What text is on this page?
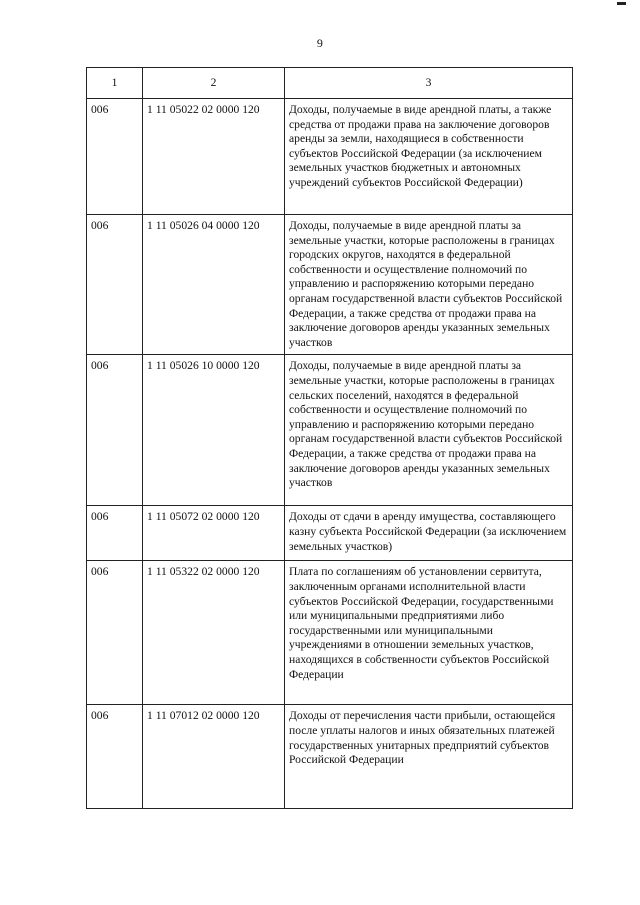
9
1	2	3
006	1 11 05022 02 0000 120	Доходы, получаемые в виде арендной платы, а также средства от продажи права на заключение договоров аренды за земли, находящиеся в собственности субъектов Российской Федерации (за исключением земельных участков бюджетных и автономных учреждений субъектов Российской Федерации)
006	1 11 05026 04 0000 120	Доходы, получаемые в виде арендной платы за земельные участки, которые расположены в границах городских округов, находятся в федеральной собственности и осуществление полномочий по управлению и распоряжению которыми передано органам государственной власти субъектов Российской Федерации, а также средства от продажи права на заключение договоров аренды указанных земельных участков
006	1 11 05026 10 0000 120	Доходы, получаемые в виде арендной платы за земельные участки, которые расположены в границах сельских поселений, находятся в федеральной собственности и осуществление полномочий по управлению и распоряжению которыми передано органам государственной власти субъектов Российской Федерации, а также средства от продажи права на заключение договоров аренды указанных земельных участков
006	1 11 05072 02 0000 120	Доходы от сдачи в аренду имущества, составляющего казну субъекта Российской Федерации (за исключением земельных участков)
006	1 11 05322 02 0000 120	Плата по соглашениям об установлении сервитута, заключенным органами исполнительной власти субъектов Российской Федерации, государственными или муниципальными предприятиями либо государственными или муниципальными учреждениями в отношении земельных участков, находящихся в собственности субъектов Российской Федерации
006	1 11 07012 02 0000 120	Доходы от перечисления части прибыли, остающейся после уплаты налогов и иных обязательных платежей государственных унитарных предприятий субъектов Российской Федерации
